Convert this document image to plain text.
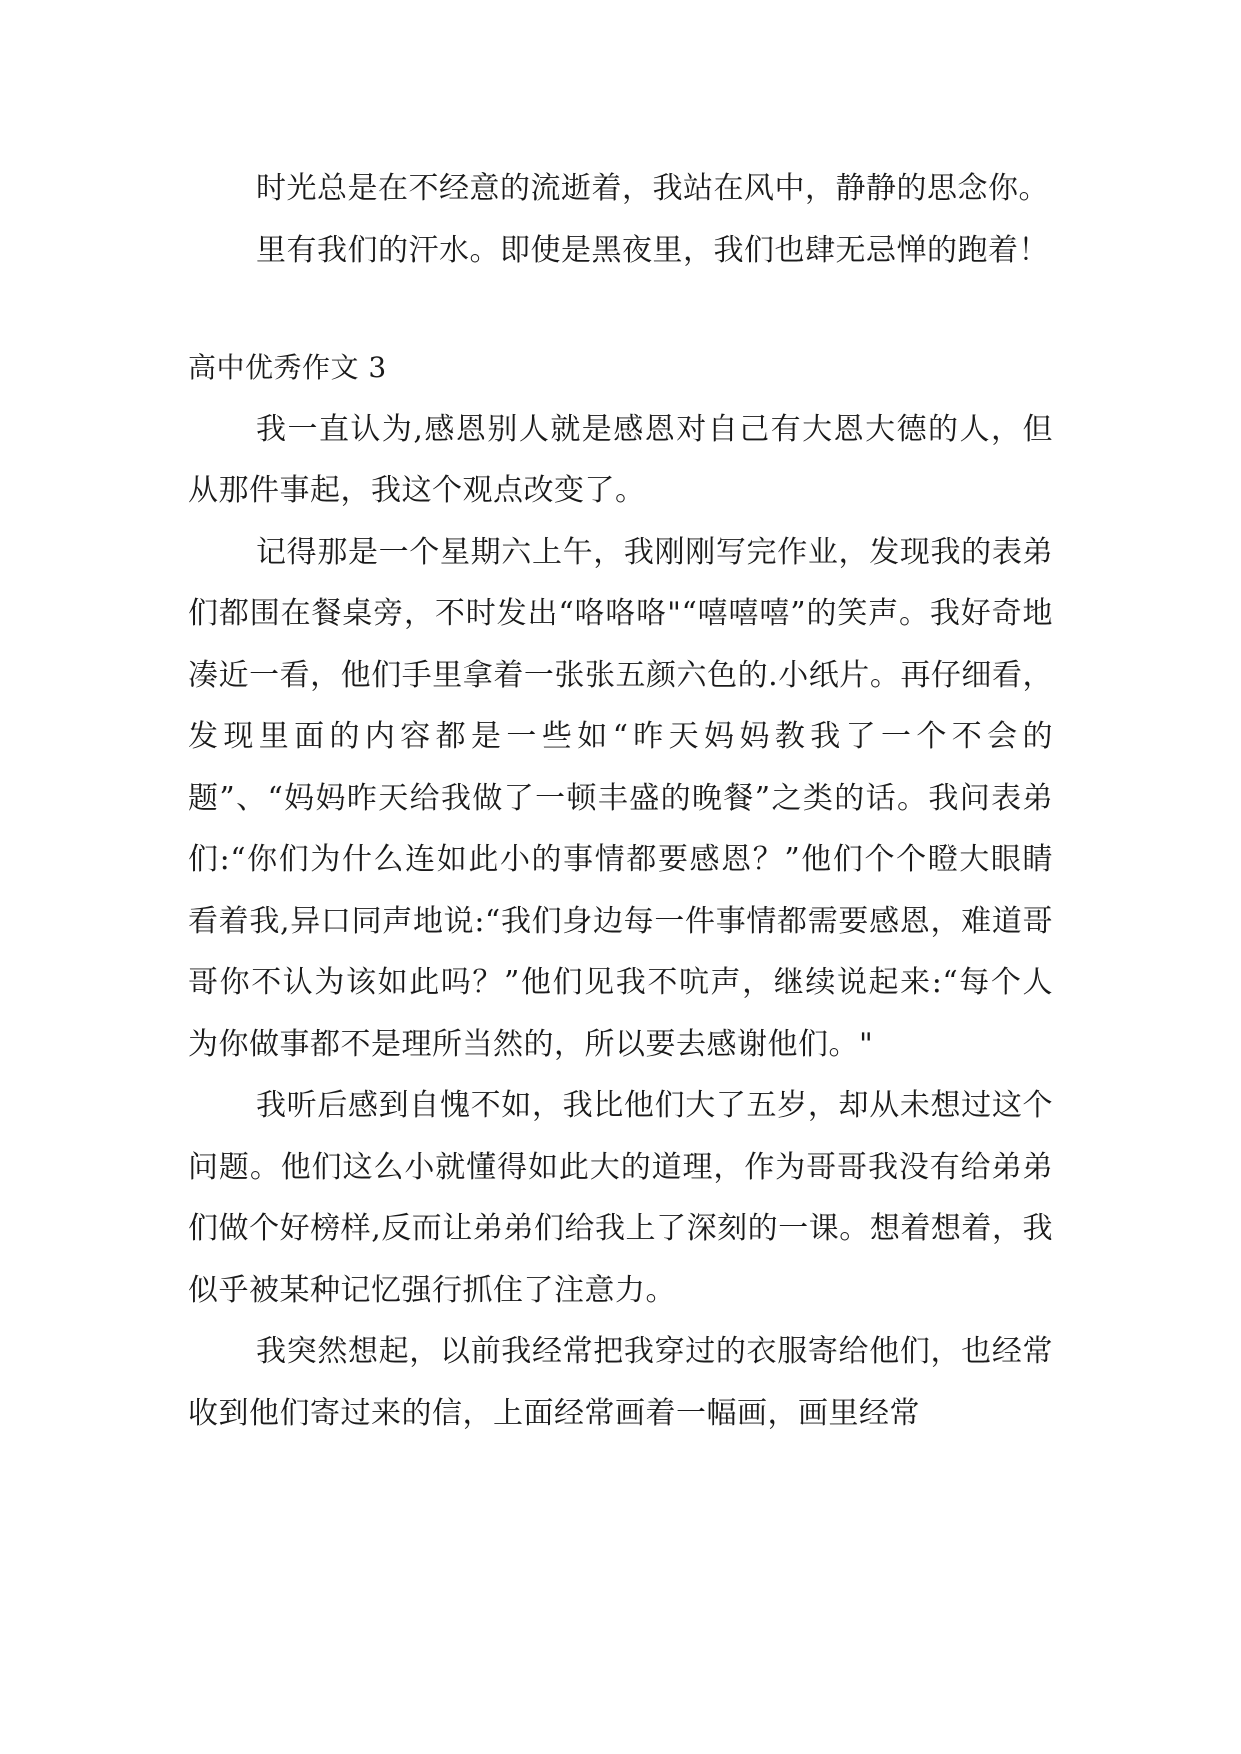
时光总是在不经意的流逝着，我站在风中，静静的思念你。

里有我们的汗水。即使是黑夜里，我们也肆无忌惮的跑着！

高中优秀作文 3

我一直认为,感恩别人就是感恩对自己有大恩大德的人，但从那件事起，我这个观点改变了。

记得那是一个星期六上午，我刚刚写完作业，发现我的表弟们都围在餐桌旁，不时发出“咯咯咯"“嘻嘻嘻”的笑声。我好奇地凑近一看，他们手里拿着一张张五颜六色的.小纸片。再仔细看，发现里面的内容都是一些如“昨天妈妈教我了一个不会的题”、“妈妈昨天给我做了一顿丰盛的晚餐”之类的话。我问表弟们:“你们为什么连如此小的事情都要感恩？”他们个个瞪大眼睛看着我,异口同声地说:“我们身边每一件事情都需要感恩，难道哥哥你不认为该如此吗？”他们见我不吭声，继续说起来:“每个人为你做事都不是理所当然的，所以要去感谢他们。"

我听后感到自愧不如，我比他们大了五岁，却从未想过这个问题。他们这么小就懂得如此大的道理，作为哥哥我没有给弟弟们做个好榜样,反而让弟弟们给我上了深刻的一课。想着想着，我似乎被某种记忆强行抓住了注意力。

我突然想起，以前我经常把我穿过的衣服寄给他们，也经常收到他们寄过来的信，上面经常画着一幅画，画里经常
